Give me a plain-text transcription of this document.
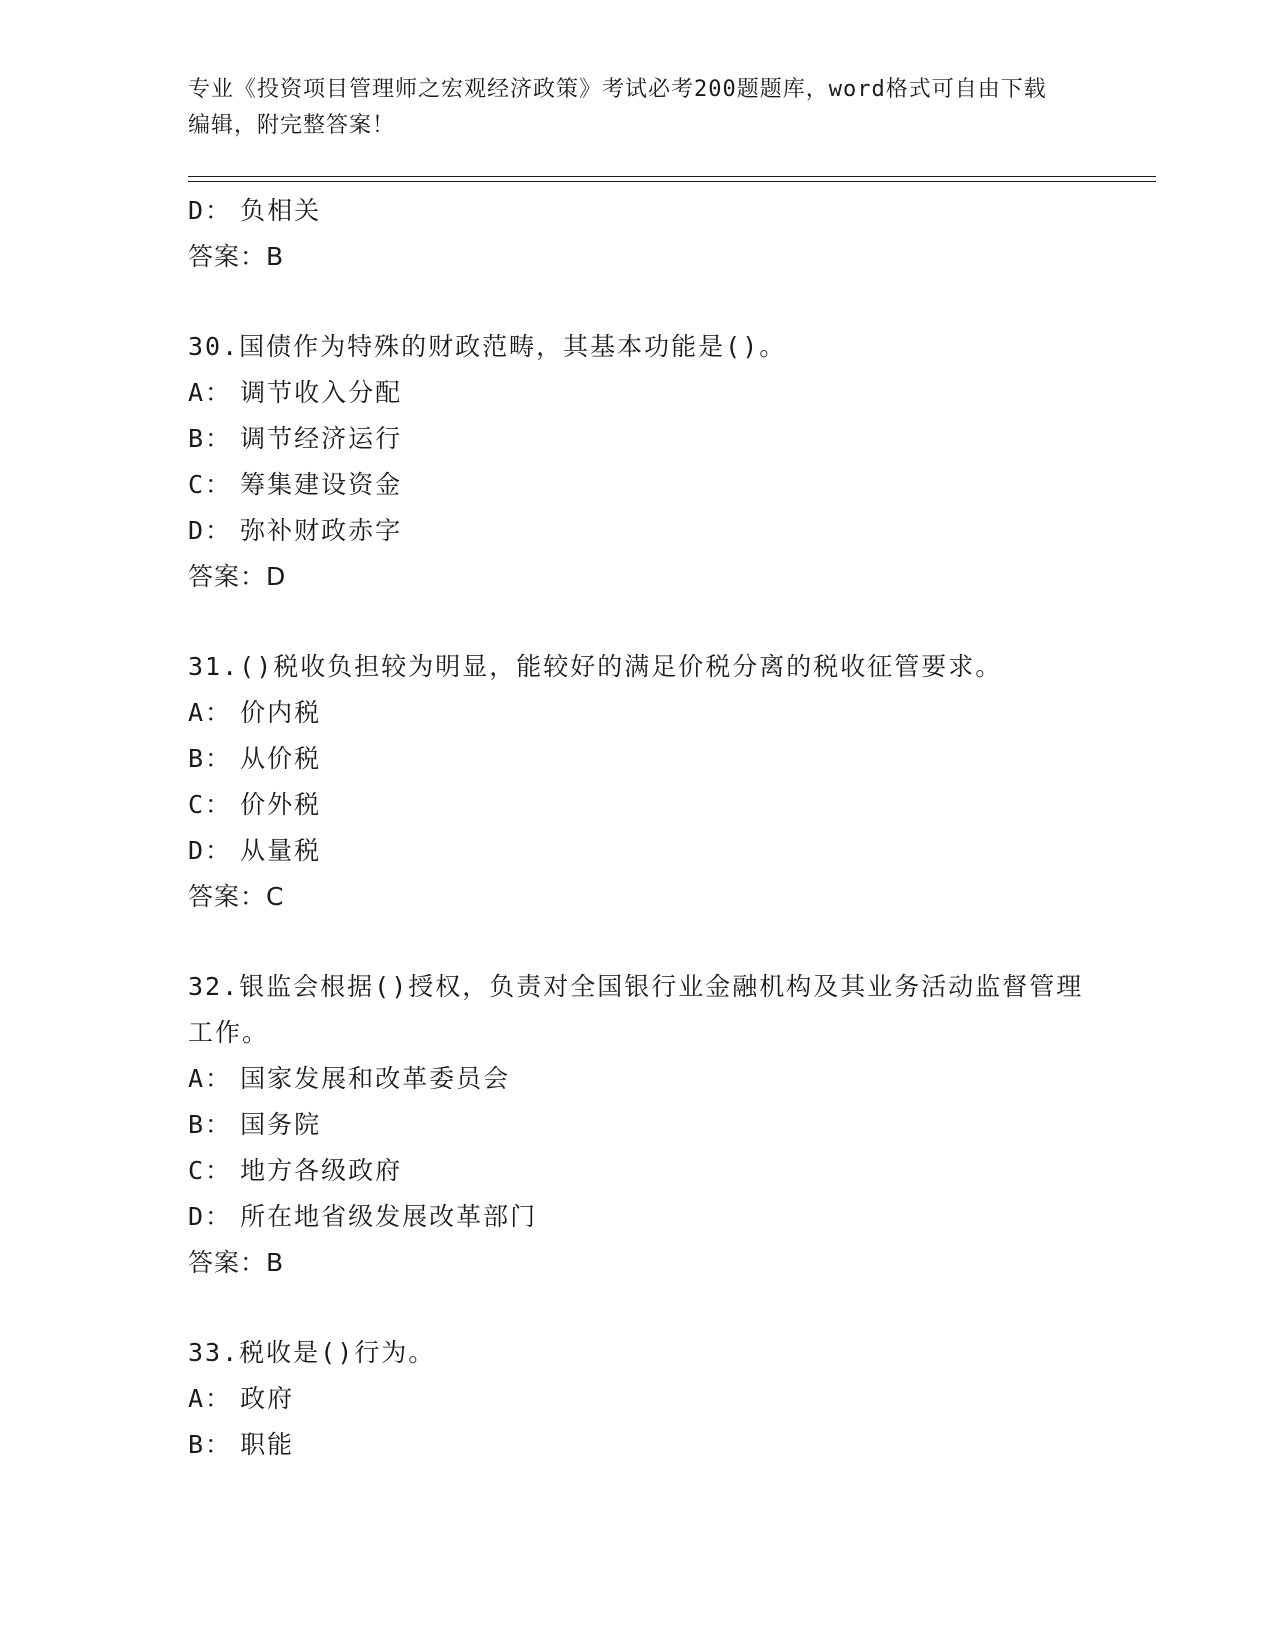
专业《投资项目管理师之宏观经济政策》考试必考200题题库，word格式可自由下载编辑，附完整答案！
D： 负相关
答案：B
30.国债作为特殊的财政范畴，其基本功能是()。
A： 调节收入分配
B： 调节经济运行
C： 筹集建设资金
D： 弥补财政赤字
答案：D
31.()税收负担较为明显，能较好的满足价税分离的税收征管要求。
A： 价内税
B： 从价税
C： 价外税
D： 从量税
答案：C
32.银监会根据()授权，负责对全国银行业金融机构及其业务活动监督管理工作。
A： 国家发展和改革委员会
B： 国务院
C： 地方各级政府
D： 所在地省级发展改革部门
答案：B
33.税收是()行为。
A： 政府
B： 职能
